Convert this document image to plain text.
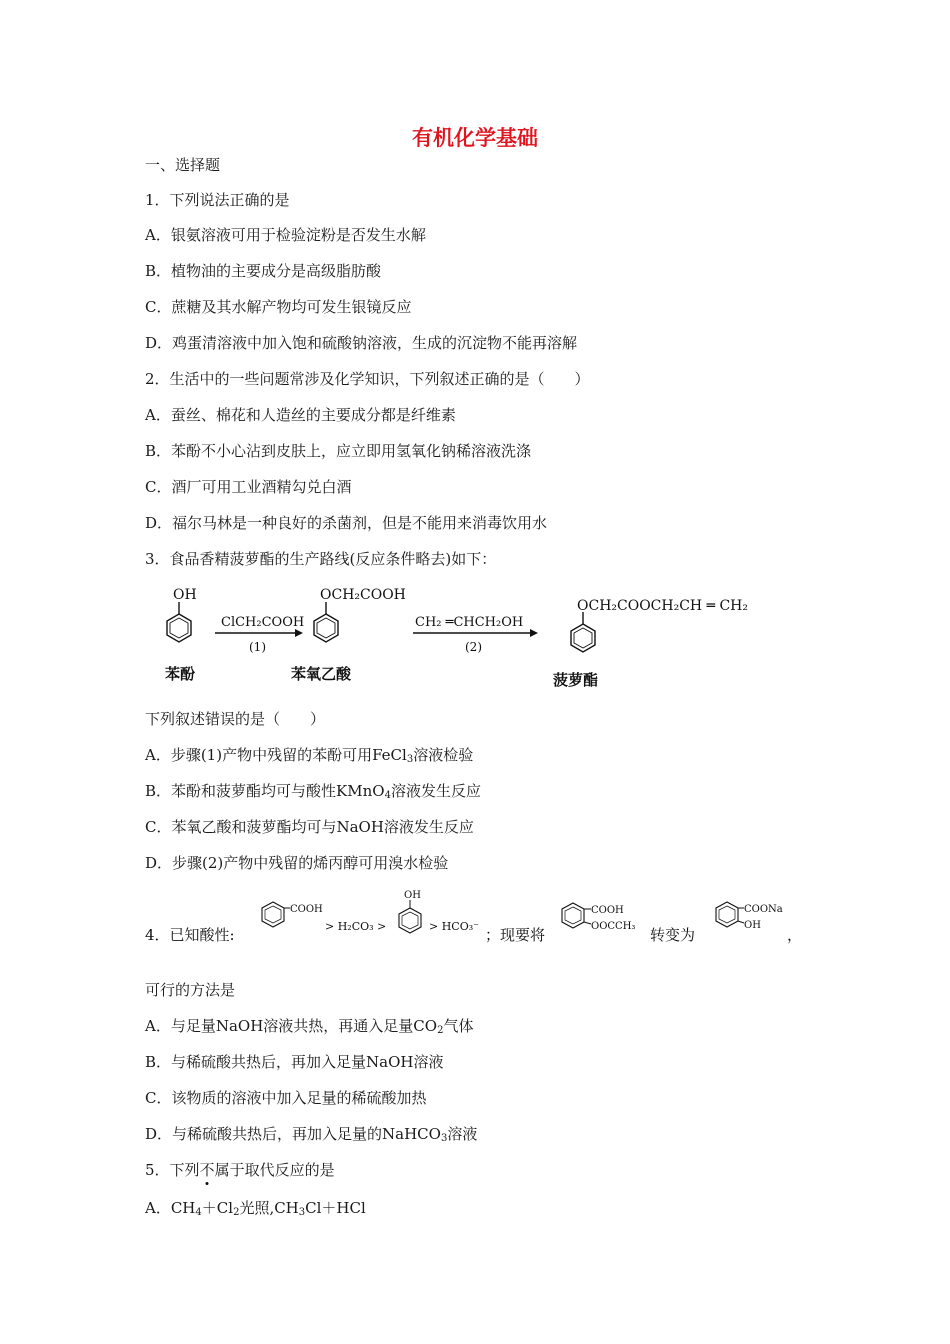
有机化学基础
一、选择题
1．下列说法正确的是
A．银氨溶液可用于检验淀粉是否发生水解
B．植物油的主要成分是高级脂肪酸
C．蔗糖及其水解产物均可发生银镜反应
D．鸡蛋清溶液中加入饱和硫酸钠溶液，生成的沉淀物不能再溶解
2．生活中的一些问题常涉及化学知识，下列叙述正确的是（　　）
A．蚕丝、棉花和人造丝的主要成分都是纤维素
B．苯酚不小心沾到皮肤上，应立即用氢氧化钠稀溶液洗涤
C．酒厂可用工业酒精勾兑白酒
D．福尔马林是一种良好的杀菌剂，但是不能用来消毒饮用水
3．食品香精菠萝酯的生产路线(反应条件略去)如下：
OH
苯酚
ClCH₂COOH
(1)
OCH₂COOH
苯氧乙酸
CH₂ ═CHCH₂OH
(2)
OCH₂COOCH₂CH ═ CH₂
菠萝酯
下列叙述错误的是（　　）
A．步骤(1)产物中残留的苯酚可用FeCl$_3$溶液检验
B．苯酚和菠萝酯均可与酸性KMnO$_4$溶液发生反应
C．苯氧乙酸和菠萝酯均可与NaOH溶液发生反应
D．步骤(2)产物中残留的烯丙醇可用溴水检验
4．已知酸性:
COOH
> H₂CO₃ >
OH
> HCO₃⁻ ；现要将
COOH
OOCCH₃ 转变为
COONa
OH
，
可行的方法是
A．与足量NaOH溶液共热，再通入足量$CO_2$气体
B．与稀硫酸共热后，再加入足量NaOH溶液
C．该物质的溶液中加入足量的稀硫酸加热
D．与稀硫酸共热后，再加入足量的NaHCO$_3$溶液
5．下列不属于取代反应的是
A．$CH_4+Cl_2$光照$,CH_3Cl+HCl$
